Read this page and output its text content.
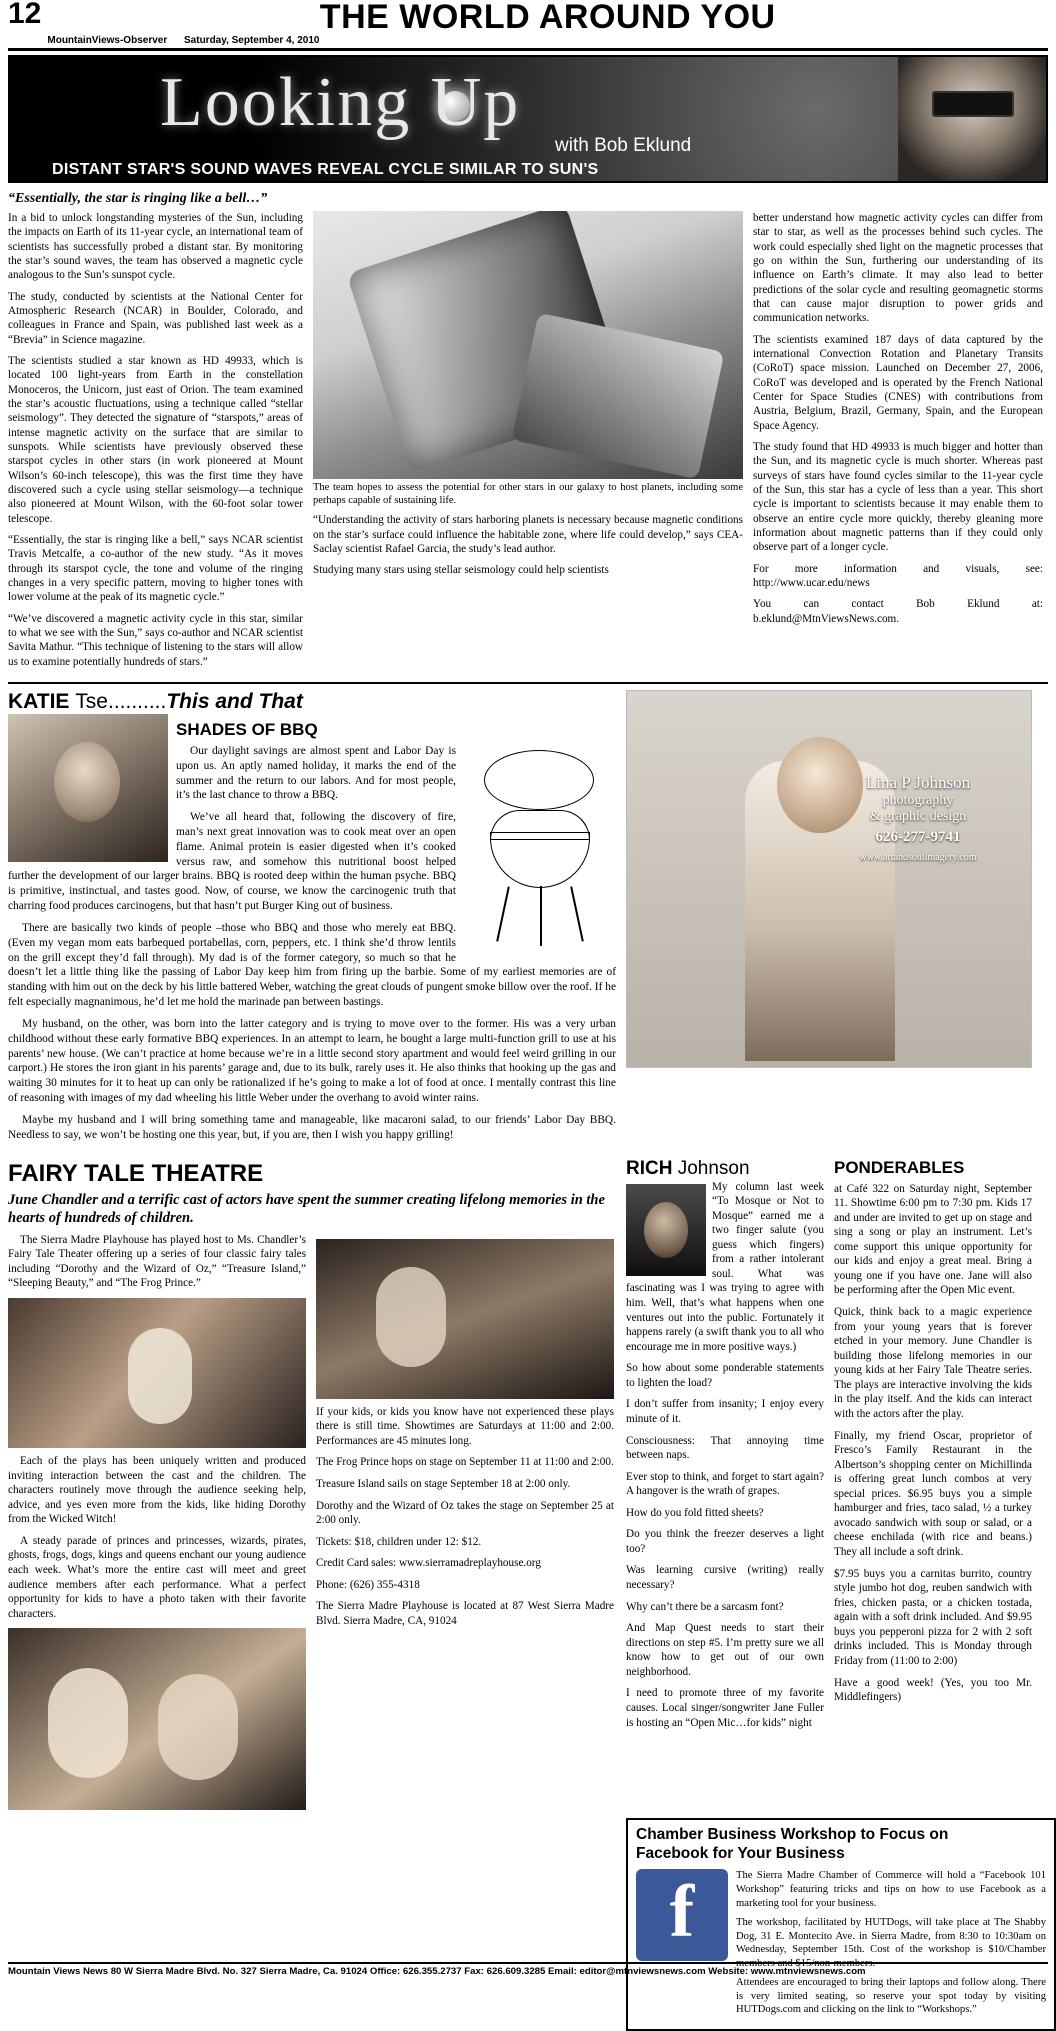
12	THE WORLD AROUND YOU
MountainViews-Observer Saturday, September 4, 2010
Looking Up
with Bob Eklund
DISTANT STAR'S SOUND WAVES REVEAL CYCLE SIMILAR TO SUN'S
“Essentially, the star is ringing like a bell…”

In a bid to unlock longstanding mysteries of the Sun, including the impacts on Earth of its 11-year cycle, an international team of scientists has successfully probed a distant star. By monitoring the star’s sound waves, the team has observed a magnetic cycle analogous to the Sun’s sunspot cycle.

The study, conducted by scientists at the National Center for Atmospheric Research (NCAR) in Boulder, Colorado, and colleagues in France and Spain, was published last week as a “Brevia” in Science magazine.

The scientists studied a star known as HD 49933, which is located 100 light-years from Earth in the constellation Monoceros, the Unicorn, just east of Orion. The team examined the star’s acoustic fluctuations, using a technique called “stellar seismology”. They detected the signature of “starspots,” areas of intense magnetic activity on the surface that are similar to sunspots. While scientists have previously observed these starspot cycles in other stars (in work pioneered at Mount Wilson’s 60-inch telescope), this was the first time they have discovered such a cycle using stellar seismology—a technique also pioneered at Mount Wilson, with the 60-foot solar tower telescope.

“Essentially, the star is ringing like a bell,” says NCAR scientist Travis Metcalfe, a co-author of the new study. “As it moves through its starspot cycle, the tone and volume of the ringing changes in a very specific pattern, moving to higher tones with lower volume at the peak of its magnetic cycle.”

“We’ve discovered a magnetic activity cycle in this star, similar to what we see with the Sun,” says co-author and NCAR scientist Savita Mathur. “This technique of listening to the stars will allow us to examine potentially hundreds of stars.”

The team hopes to assess the potential for other stars in our galaxy to host planets, including some perhaps capable of sustaining life.

“Understanding the activity of stars harboring planets is necessary because magnetic conditions on the star’s surface could influence the habitable zone, where life could develop,” says CEA-Saclay scientist Rafael Garcia, the study’s lead author.

Studying many stars using stellar seismology could help scientists

better understand how magnetic activity cycles can differ from star to star, as well as the processes behind such cycles. The work could especially shed light on the magnetic processes that go on within the Sun, furthering our understanding of its influence on Earth’s climate. It may also lead to better predictions of the solar cycle and resulting geomagnetic storms that can cause major disruption to power grids and communication networks.

The scientists examined 187 days of data captured by the international Convection Rotation and Planetary Transits (CoRoT) space mission. Launched on December 27, 2006, CoRoT was developed and is operated by the French National Center for Space Studies (CNES) with contributions from Austria, Belgium, Brazil, Germany, Spain, and the European Space Agency.

The study found that HD 49933 is much bigger and hotter than the Sun, and its magnetic cycle is much shorter. Whereas past surveys of stars have found cycles similar to the 11-year cycle of the Sun, this star has a cycle of less than a year. This short cycle is important to scientists because it may enable them to observe an entire cycle more quickly, thereby gleaning more information about magnetic patterns than if they could only observe part of a longer cycle.

For more information and visuals, see: http://www.ucar.edu/news

You can contact Bob Eklund at: b.eklund@MtnViewsNews.com.

KATIE Tse..........This and That
SHADES OF BBQ

Our daylight savings are almost spent and Labor Day is upon us. An aptly named holiday, it marks the end of the summer and the return to our labors. And for most people, it’s the last chance to throw a BBQ.

We’ve all heard that, following the discovery of fire, man’s next great innovation was to cook meat over an open flame. Animal protein is easier digested when it’s cooked versus raw, and somehow this nutritional boost helped further the development of our larger brains. BBQ is rooted deep within the human psyche. BBQ is primitive, instinctual, and tastes good. Now, of course, we know the carcinogenic truth that charring food produces carcinogens, but that hasn’t put Burger King out of business.

There are basically two kinds of people –those who BBQ and those who merely eat BBQ. (Even my vegan mom eats barbequed portabellas, corn, peppers, etc. I think she’d throw lentils on the grill except they’d fall through). My dad is of the former category, so much so that he doesn’t let a little thing like the passing of Labor Day keep him from firing up the barbie. Some of my earliest memories are of standing with him out on the deck by his little battered Weber, watching the great clouds of pungent smoke billow over the roof. If he felt especially magnanimous, he’d let me hold the marinade pan between bastings.

My husband, on the other, was born into the latter category and is trying to move over to the former. His was a very urban childhood without these early formative BBQ experiences. In an attempt to learn, he bought a large multi-function grill to use at his parents’ new house. (We can’t practice at home because we’re in a little second story apartment and would feel weird grilling in our carport.) He stores the iron giant in his parents’ garage and, due to its bulk, rarely uses it. He also thinks that hooking up the gas and waiting 30 minutes for it to heat up can only be rationalized if he’s going to make a lot of food at once. I mentally contrast this line of reasoning with images of my dad wheeling his little Weber under the overhang to avoid winter rains.

Maybe my husband and I will bring something tame and manageable, like macaroni salad, to our friends’ Labor Day BBQ. Needless to say, we won’t be hosting one this year, but, if you are, then I wish you happy grilling!

Lina P Johnson
photography
& graphic design
626-277-9741
www.artandsoulimagery.com
FAIRY TALE THEATRE
June Chandler and a terrific cast of actors have spent the summer creating lifelong memories in the hearts of hundreds of children.

The Sierra Madre Playhouse has played host to Ms. Chandler’s Fairy Tale Theater offering up a series of four classic fairy tales including “Dorothy and the Wizard of Oz,” “Treasure Island,” “Sleeping Beauty,” and “The Frog Prince.”

Each of the plays has been uniquely written and produced inviting interaction between the cast and the children. The characters routinely move through the audience seeking help, advice, and yes even more from the kids, like hiding Dorothy from the Wicked Witch!

A steady parade of princes and princesses, wizards, pirates, ghosts, frogs, dogs, kings and queens enchant our young audience each week. What’s more the entire cast will meet and greet audience members after each performance. What a perfect opportunity for kids to have a photo taken with their favorite characters.

If your kids, or kids you know have not experienced these plays there is still time. Showtimes are Saturdays at 11:00 and 2:00. Performances are 45 minutes long.

The Frog Prince hops on stage on September 11 at 11:00 and 2:00.

Treasure Island sails on stage September 18 at 2:00 only.

Dorothy and the Wizard of Oz takes the stage on September 25 at 2:00 only.

Tickets: $18, children under 12: $12.

Credit Card sales: www.sierramadreplayhouse.org

Phone: (626) 355-4318

The Sierra Madre Playhouse is located at 87 West Sierra Madre Blvd. Sierra Madre, CA, 91024

RICH Johnson

My column last week “To Mosque or Not to Mosque” earned me a two finger salute (you guess which fingers) from a rather intolerant soul. What was fascinating was I was trying to agree with him. Well, that’s what happens when one ventures out into the public. Fortunately it happens rarely (a swift thank you to all who encourage me in more positive ways.)

So how about some ponderable statements to lighten the load?

I don’t suffer from insanity; I enjoy every minute of it.

Consciousness: That annoying time between naps.

Ever stop to think, and forget to start again? A hangover is the wrath of grapes.

How do you fold fitted sheets?

Do you think the freezer deserves a light too?

Was learning cursive (writing) really necessary?

Why can’t there be a sarcasm font?

And Map Quest needs to start their directions on step #5. I’m pretty sure we all know how to get out of our own neighborhood.

I need to promote three of my favorite causes. Local singer/songwriter Jane Fuller is hosting an “Open Mic…for kids” night

PONDERABLES

at Café 322 on Saturday night, September 11. Showtime 6:00 pm to 7:30 pm. Kids 17 and under are invited to get up on stage and sing a song or play an instrument. Let’s come support this unique opportunity for our kids and enjoy a great meal. Bring a young one if you have one. Jane will also be performing after the Open Mic event.

Quick, think back to a magic experience from your young years that is forever etched in your memory. June Chandler is building those lifelong memories in our young kids at her Fairy Tale Theatre series. The plays are interactive involving the kids in the play itself. And the kids can interact with the actors after the play.

Finally, my friend Oscar, proprietor of Fresco’s Family Restaurant in the Albertson’s shopping center on Michillinda is offering great lunch combos at very special prices. $6.95 buys you a simple hamburger and fries, taco salad, ½ a turkey avocado sandwich with soup or salad, or a cheese enchilada (with rice and beans.) They all include a soft drink.

$7.95 buys you a carnitas burrito, country style jumbo hot dog, reuben sandwich with fries, chicken pasta, or a chicken tostada, again with a soft drink included. And $9.95 buys you pepperoni pizza for 2 with 2 soft drinks included. This is Monday through Friday from (11:00 to 2:00)

Have a good week! (Yes, you too Mr. Middlefingers)

Chamber Business Workshop to Focus on
Facebook for Your Business
f	The Sierra Madre Chamber of Commerce will hold a “Facebook 101 Workshop” featuring tricks and tips on how to use Facebook as a marketing tool for your business.

The workshop, facilitated by HUTDogs, will take place at The Shabby Dog, 31 E. Montecito Ave. in Sierra Madre, from 8:30 to 10:30am on Wednesday, September 15th. Cost of the workshop is $10/Chamber members and $15/non-members.

Attendees are encouraged to bring their laptops and follow along. There is very limited seating, so reserve your spot today by visiting HUTDogs.com and clicking on the link to “Workshops.”

Mountain Views News 80 W Sierra Madre Blvd. No. 327 Sierra Madre, Ca. 91024 Office: 626.355.2737 Fax: 626.609.3285 Email: editor@mtnviewsnews.com Website: www.mtnviewsnews.com
